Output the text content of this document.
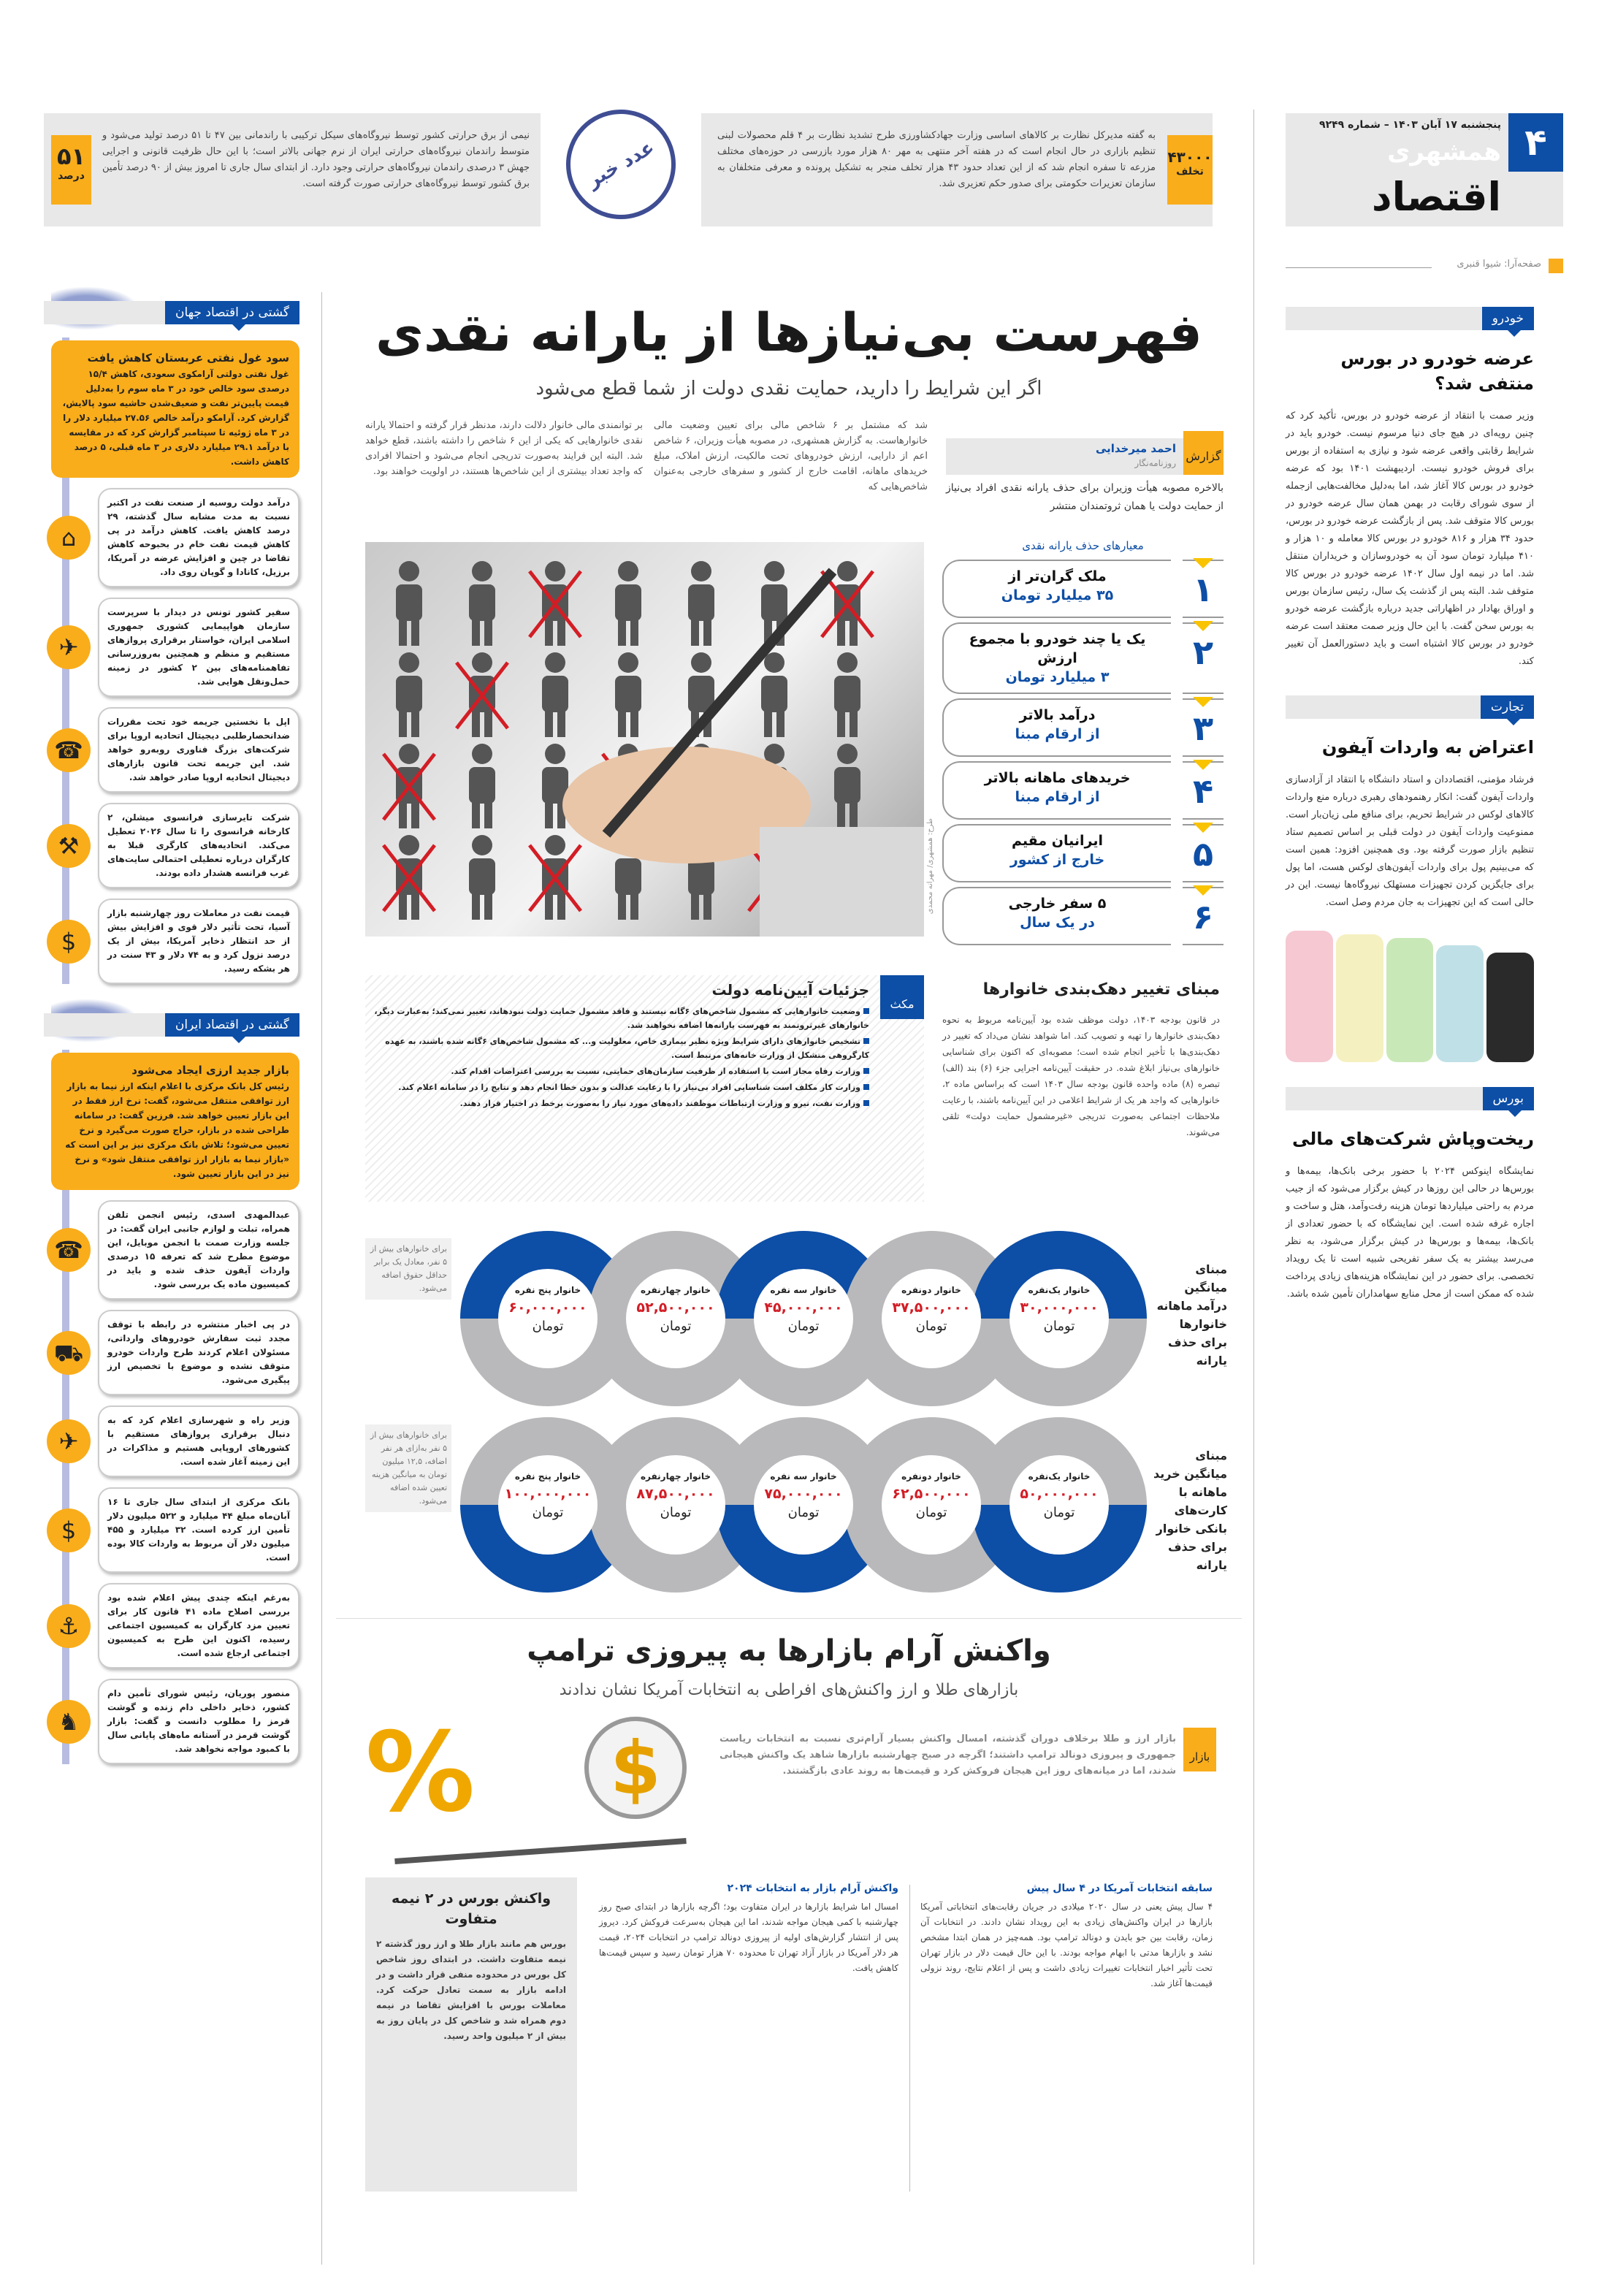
۴
پنجشنبه ۱۷ آبان ۱۴۰۳ – شماره ۹۲۴۹
همشهری
اقتصاد
صفحه‌آرا: شیوا قنبری
۴۳۰۰۰
تخلف
به گفته مدیرکل نظارت بر کالاهای اساسی وزارت جهادکشاورزی طرح تشدید نظارت بر ۴ قلم محصولات لبنی تنظیم بازاری در حال انجام است که در هفته آخر منتهی به مهر ۸۰ هزار مورد بازرسی در حوزه‌های مختلف مزرعه تا سفره انجام شد که از این تعداد حدود ۴۳ هزار تخلف منجر به تشکیل پرونده و معرفی متخلفان به سازمان تعزیرات حکومتی برای صدور حکم تعزیری شد.
عدد خبر
۵۱
درصد
نیمی از برق حرارتی کشور توسط نیروگاه‌های سیکل ترکیبی با راندمانی بین ۴۷ تا ۵۱ درصد تولید می‌شود و متوسط راندمان نیروگاه‌های حرارتی ایران از نرم جهانی بالاتر است؛ با این حال ظرفیت قانونی و اجرایی جهش ۳ درصدی راندمان نیروگاه‌های حرارتی وجود دارد. از ابتدای سال جاری تا امروز بیش از ۹۰ درصد تأمین برق کشور توسط نیروگاه‌های حرارتی صورت گرفته است.
فهرست بی‌نیازها از یارانه نقدی
اگر این شرایط را دارید، حمایت نقدی دولت از شما قطع می‌شود
گزارش
احمد میرخدایی
روزنامه‌نگار
بالاخره مصوبه هیأت وزیران برای حذف یارانه نقدی افراد بی‌نیاز از حمایت دولت یا همان ثروتمندان منتشر
شد که مشتمل بر ۶ شاخص مالی برای تعیین وضعیت مالی خانوارهاست. به گزارش همشهری، در مصوبه هیأت وزیران، ۶ شاخص اعم از دارایی، ارزش خودروهای تحت مالکیت، ارزش املاک، مبلغ خریدهای ماهانه، اقامت خارج از کشور و سفرهای خارجی به‌عنوان شاخص‌هایی که
بر توانمندی مالی خانوار دلالت دارند، مدنظر قرار گرفته و احتمالا یارانه نقدی خانوارهایی که یکی از این ۶ شاخص را داشته باشند، قطع خواهد شد. البته این فرایند به‌صورت تدریجی انجام می‌شود و احتمالا افرادی که واجد تعداد بیشتری از این شاخص‌ها هستند، در اولویت خواهند بود.
طرح: همشهری/ مهرانه محمدی
معیارهای حذف یارانه نقدی
۱
ملک گران‌تر از
۳۵ میلیارد تومان
۲
یک یا چند خودرو با مجموع ارزش
۳ میلیارد تومان
۳
درآمد بالاتر
از ارقام مبنا
۴
خریدهای ماهانه بالاتر
از ارقام مبنا
۵
ایرانیان مقیم
خارج از کشور
۶
۵ سفر خارجی
در یک سال
مکث
جزئیات آیین‌نامه دولت
وضعیت خانوارهایی که مشمول شاخص‌های ۶گانه نیستند و فاقد مشمول حمایت دولت نبودهاند، تغییر نمی‌کند؛ به‌عبارت دیگر، خانوارهای غیرثروتمند به فهرست یارانه‌ها اضافه نخواهند شد.
تشخیص خانوارهای دارای شرایط ویژه نظیر بیماری خاص، معلولیت و... که مشمول شاخص‌های ۶گانه شده باشند، به عهده کارگروهی متشکل از وزارت خانه‌های مرتبط است.
وزارت رفاه مجاز است با استفاده از ظرفیت سازمان‌های حمایتی، نسبت به بررسی اعتراضات اقدام کند.
وزارت کار مکلف است شناسایی افراد بی‌نیاز را با رعایت عدالت و بدون خطا انجام دهد و نتایج را در سامانه اعلام کند.
وزارت نفت، نیرو و وزارت ارتباطات موظفند داده‌های مورد نیاز را به‌صورت برخط در اختیار قرار دهند.
مبنای تغییر دهک‌بندی خانوارها
در قانون بودجه ۱۴۰۳، دولت موظف شده بود آیین‌نامه مربوط به نحوه دهک‌بندی خانوارها را تهیه و تصویب کند. اما شواهد نشان می‌داد که تغییر در دهک‌بندی‌ها با تأخیر انجام شده است؛ مصوبه‌ای که اکنون برای شناسایی خانوارهای بی‌نیاز ابلاغ شده. در حقیقت آیین‌نامه اجرایی جزء (۶) بند (الف) تبصره (۸) ماده واحده قانون بودجه سال ۱۴۰۳ است که براساس ماده ۲، خانوارهایی که واجد هر یک از شرایط اعلامی در این آیین‌نامه باشند، با رعایت ملاحظات اجتماعی به‌صورت تدریجی «غیرمشمول حمایت دولت» تلقی می‌شوند.
مبنای میانگین درآمد ماهانه خانوارها برای حذف یارانه
برای خانوارهای بیش از ۵ نفر، معادل یک برابر حداقل حقوق اضافه می‌شود.	خانوار یک‌نفره
۳۰,۰۰۰,۰۰۰
تومان
خانوار دونفره
۳۷,۵۰۰,۰۰۰
تومان
خانوار سه نفره
۴۵,۰۰۰,۰۰۰
تومان
خانوار چهارنفره
۵۲,۵۰۰,۰۰۰
تومان
خانوار پنج نفره
۶۰,۰۰۰,۰۰۰
تومان
مبنای میانگین خرید ماهانه با کارت‌های بانکی خانوار برای حذف یارانه
برای خانوارهای بیش از ۵ نفر به‌ازای هر نفر اضافه، ۱۲,۵ میلیون تومان به میانگین هزینه تعیین شده اضافه می‌شود.
خانوار یک‌نفره
۵۰,۰۰۰,۰۰۰
تومان
خانوار دونفره
۶۲,۵۰۰,۰۰۰
تومان
خانوار سه نفره
۷۵,۰۰۰,۰۰۰
تومان
خانوار چهارنفره
۸۷,۵۰۰,۰۰۰
تومان
خانوار پنج نفره
۱۰۰,۰۰۰,۰۰۰
تومان
واکنش آرام بازارها به پیروزی ترامپ
بازارهای طلا و ارز واکنش‌های افراطی به انتخابات آمریکا نشان ندادند
%	$	بازار
بازار ارز و طلا برخلاف دوران گذشته، امسال واکنش بسیار آرام‌تری نسبت به انتخابات ریاست جمهوری و پیروزی دونالد ترامپ داشتند؛ اگرچه در صبح چهارشنبه بازارها شاهد یک واکنش هیجانی شدند، اما در میانه‌های روز این هیجان فروکش کرد و قیمت‌ها به روند عادی بازگشتند.
سابقه انتخابات آمریکا در ۴ سال پیش
۴ سال پیش یعنی در سال ۲۰۲۰ میلادی در جریان رقابت‌های انتخاباتی آمریکا بازارها در ایران واکنش‌های زیادی به این رویداد نشان دادند. در انتخابات آن زمان، رقابت بین جو بایدن و دونالد ترامپ بود. همه‌چیز در همان ابتدا مشخص نشد و بازارها مدتی با ابهام مواجه بودند. با این حال قیمت دلار در بازار تهران تحت تأثیر اخبار انتخابات تغییرات زیادی داشت و پس از اعلام نتایج، روند نزولی قیمت‌ها آغاز شد.
واکنش آرام بازار به انتخابات ۲۰۲۴
امسال اما شرایط بازارها در ایران متفاوت بود؛ اگرچه بازارها در ابتدای صبح روز چهارشنبه با کمی هیجان مواجه شدند، اما این هیجان به‌سرعت فروکش کرد. دیروز پس از انتشار گزارش‌های اولیه از پیروزی دونالد ترامپ در انتخابات ۲۰۲۴، قیمت هر دلار آمریکا در بازار آزاد تهران تا محدوده ۷۰ هزار تومان رسید و سپس قیمت‌ها کاهش یافت.
واکنش بورس در ۲ نیمه متفاوت
بورس هم مانند بازار طلا و ارز روز گذشته ۲ نیمه متفاوت داشت. در ابتدای روز شاخص کل بورس در محدوده منفی قرار داشت و در ادامه بازار به سمت تعادل حرکت کرد. معاملات بورس با افزایش تقاضا در نیمه دوم همراه شد و شاخص کل در پایان روز به بیش از ۲ میلیون واحد رسید.
خودرو
عرضه خودرو در بورس منتفی شد؟
وزیر صمت با انتقاد از عرضه خودرو در بورس، تأکید کرد که چنین رویه‌ای در هیچ جای دنیا مرسوم نیست. خودرو باید در شرایط رقابتی واقعی عرضه شود و نیازی به استفاده از بورس برای فروش خودرو نیست. اردیبهشت ۱۴۰۱ بود که عرضه خودرو در بورس کالا آغاز شد، اما به‌دلیل مخالفت‌هایی ازجمله از سوی شورای رقابت در بهمن همان سال عرضه خودرو در بورس کالا متوقف شد. پس از بازگشت عرضه خودرو در بورس، حدود ۳۴ هزار و ۸۱۶ خودرو در بورس کالا معامله و ۱۰ هزار و ۴۱۰ میلیارد تومان سود آن به خودروسازان و خریداران منتقل شد. اما در نیمه اول سال ۱۴۰۲ عرضه خودرو در بورس کالا متوقف شد. البته پس از گذشت یک سال، رئیس سازمان بورس و اوراق بهادار در اظهاراتی جدید درباره بازگشت عرضه خودرو به بورس سخن گفت. با این حال وزیر صمت معتقد است عرضه خودرو در بورس کالا اشتباه است و باید دستورالعمل آن تغییر کند.
تجارت
اعتراض به واردات آیفون
فرشاد مؤمنی، اقتصاددان و استاد دانشگاه با انتقاد از آزادسازی واردات آیفون گفت: انکار رهنمودهای رهبری درباره منع واردات کالاهای لوکس در شرایط تحریم، برای منافع ملی زیان‌بار است. ممنوعیت واردات آیفون در دولت قبلی بر اساس تصمیم ستاد تنظیم بازار صورت گرفته بود. وی همچنین افزود: همین است که می‌بینیم پول برای واردات آیفون‌های لوکس هست، اما پول برای جایگزین کردن تجهیزات مستهلک نیروگاه‌ها نیست. این در حالی است که این تجهیزات به جان مردم وصل است.
بورس
ریخت‌وپاش شرکت‌های مالی
نمایشگاه اینوکس ۲۰۲۴ با حضور برخی بانک‌ها، بیمه‌ها و بورس‌ها در حالی این روزها در کیش برگزار می‌شود که از جیب مردم به راحتی میلیاردها تومان هزینه رفت‌وآمد، هتل و ساخت و اجاره غرفه شده است. این نمایشگاه که با حضور تعدادی از بانک‌ها، بیمه‌ها و بورس‌ها در کیش برگزار می‌شود، به نظر می‌رسد بیشتر به یک سفر تفریحی شبیه است تا یک رویداد تخصصی. برای حضور در این نمایشگاه هزینه‌های زیادی پرداخت شده که ممکن است از محل منابع سهامداران تأمین شده باشد.
گشتی در اقتصاد جهان
سود غول نفتی عربستان کاهش یافت
غول نفتی دولتی آرامکوی سعودی، کاهش ۱۵/۴ درصدی سود خالص خود در ۳ ماه سوم را به‌دلیل قیمت پایین‌تر نفت و ضعیف‌شدن حاشیه سود پالایش، گزارش کرد. آرامکو درآمد خالص ۲۷.۵۶ میلیارد دلار را در ۳ ماه ژوئیه تا سپتامبر گزارش کرد که در مقایسه با درآمد ۲۹.۱ میلیارد دلاری در ۳ ماه قبلی، ۵ درصد کاهش داشت.
درآمد دولت روسیه از صنعت نفت در اکتبر نسبت به مدت مشابه سال گذشته، ۲۹ درصد کاهش یافت. کاهش درآمد در پی کاهش قیمت نفت خام در بحبوحه کاهش تقاضا در چین و افزایش عرضه در آمریکا، برزیل، کانادا و گویان روی داد.
⌂
سفیر کشور تونس در دیدار با سرپرست سازمان هواپیمایی کشوری جمهوری اسلامی ایران، خواستار برقراری پروازهای مستقیم و منظم و همچنین به‌روزرسانی تفاهمنامه‌های بین ۲ کشور در زمینه حمل‌ونقل هوایی شد.
✈
اپل با نخستین جریمه خود تحت مقررات ضدانحصارطلبی دیجیتال اتحادیه اروپا برای شرکت‌های بزرگ فناوری روبه‌رو خواهد شد. این جریمه تحت قانون بازارهای دیجیتال اتحادیه اروپا صادر خواهد شد.
☎
شرکت تایرسازی فرانسوی میشلن، ۲ کارخانه فرانسوی را تا سال ۲۰۲۶ تعطیل می‌کند. اتحادیه‌های کارگری قبلا به کارگران درباره تعطیلی احتمالی سایت‌های غرب فرانسه هشدار داده بودند.
⚒
قیمت نفت در معاملات روز چهارشنبه بازار آسیا، تحت تأثیر دلار قوی و افزایش بیش از حد انتظار ذخایر آمریکا، بیش از یک درصد نزول کرد و به ۷۴ دلار و ۴۳ سنت در هر بشکه رسید.
$
گشتی در اقتصاد ایران
بازار جدید ارزی ایجاد می‌شود
رئیس کل بانک مرکزی با اعلام اینکه ارز نیما به بازار ارز توافقی منتقل می‌شود، گفت: نرخ ارز فقط در این بازار تعیین خواهد شد. فرزین گفت: در سامانه طراحی شده در بازار، حراج صورت می‌گیرد و نرخ تعیین می‌شود؛ تلاش بانک مرکزی نیز بر این است که «بازار نیما به بازار ارز توافقی منتقل شود» و نرخ نیز در این بازار تعیین شود.
عبدالمهدی اسدی، رئیس انجمن تلفن همراه، تبلت و لوازم جانبی ایران گفت: در جلسه وزارت صمت با انجمن موبایل، این موضوع مطرح شد که تعرفه ۱۵ درصدی واردات آیفون حذف شده و باید در کمیسیون ماده یک بررسی شود.
☎
در پی اخبار منتشره در رابطه با توقف مجدد ثبت سفارش خودروهای وارداتی، مسئولان اعلام کردند طرح واردات خودرو متوقف نشده و موضوع با تخصیص ارز پیگیری می‌شود.
⛟
وزیر راه و شهرسازی اعلام کرد که به دنبال برقراری پروازهای مستقیم با کشورهای اروپایی هستیم و مذاکرات در این زمینه آغاز شده است.
✈
بانک مرکزی از ابتدای سال جاری تا ۱۶ آبان‌ماه مبلغ ۴۴ میلیارد و ۵۲۲ میلیون دلار تأمین ارز کرده است. ۳۲ میلیارد و ۴۵۵ میلیون دلار آن مربوط به واردات کالا بوده است.
$
به‌رغم اینکه چندی پیش اعلام شده بود بررسی اصلاح ماده ۴۱ قانون کار برای تعیین مزد کارگران به کمیسیون اجتماعی رسیده، اکنون این طرح به کمیسیون اجتماعی ارجاع شده است.
⚓
منصور پوریان، رئیس شورای تأمین دام کشور، ذخایر داخلی دام زنده و گوشت قرمز را مطلوب دانست و گفت: بازار گوشت قرمز در آستانه ماه‌های پایانی سال با کمبود مواجه نخواهد شد.
♞
